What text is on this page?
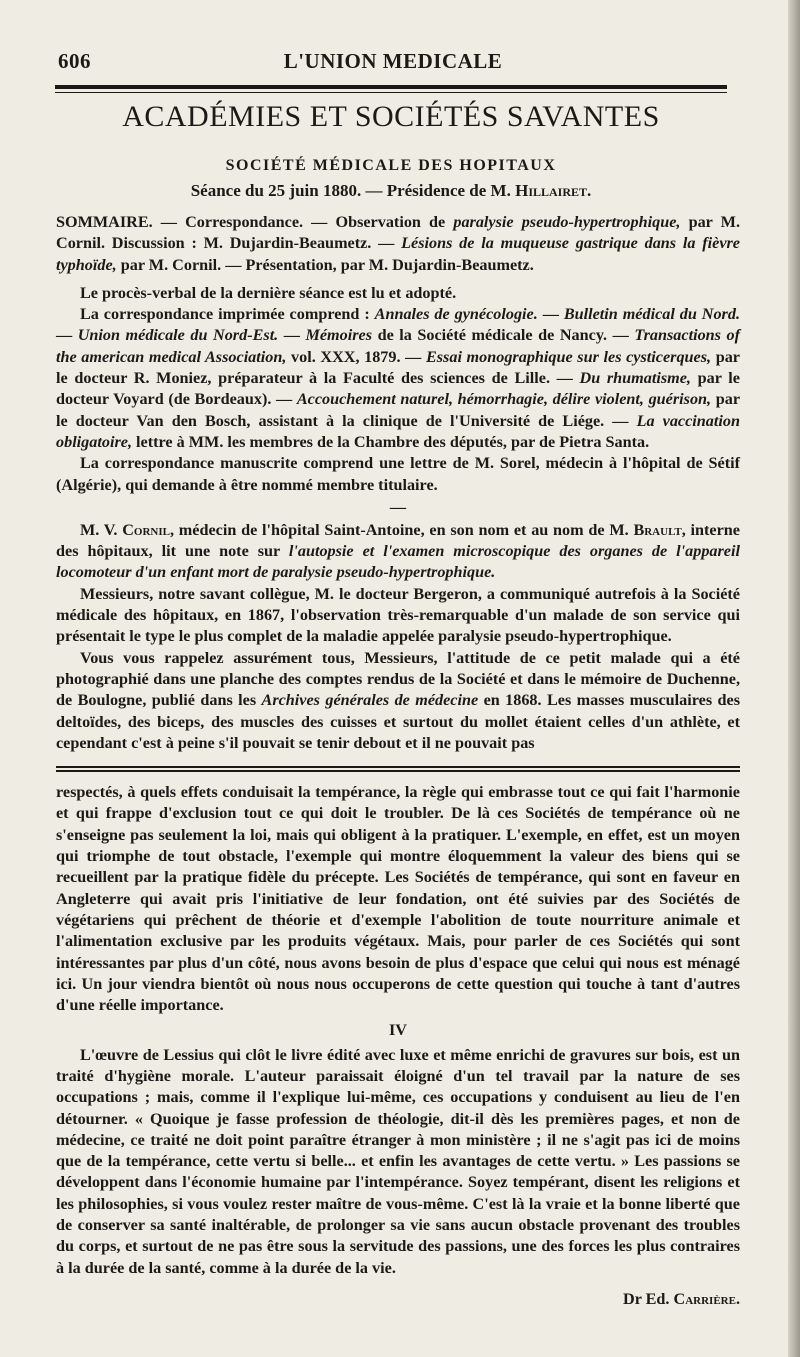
606	L'UNION MEDICALE
ACADÉMIES ET SOCIÉTÉS SAVANTES
SOCIÉTÉ MÉDICALE DES HOPITAUX
Séance du 25 juin 1880. — Présidence de M. Hillairet.

SOMMAIRE. — Correspondance. — Observation de paralysie pseudo-hypertrophique, par M. Cornil. Discussion : M. Dujardin-Beaumetz. — Lésions de la muqueuse gastrique dans la fièvre typhoïde, par M. Cornil. — Présentation, par M. Dujardin-Beaumetz.

Le procès-verbal de la dernière séance est lu et adopté.

La correspondance imprimée comprend : Annales de gynécologie. — Bulletin médical du Nord. — Union médicale du Nord-Est. — Mémoires de la Société médicale de Nancy. — Transactions of the american medical Association, vol. XXX, 1879. — Essai monographique sur les cysticerques, par le docteur R. Moniez, préparateur à la Faculté des sciences de Lille. — Du rhumatisme, par le docteur Voyard (de Bordeaux). — Accouchement naturel, hémorrhagie, délire violent, guérison, par le docteur Van den Bosch, assistant à la clinique de l'Université de Liége. — La vaccination obligatoire, lettre à MM. les membres de la Chambre des députés, par de Pietra Santa.

La correspondance manuscrite comprend une lettre de M. Sorel, médecin à l'hôpital de Sétif (Algérie), qui demande à être nommé membre titulaire.

—

M. V. Cornil, médecin de l'hôpital Saint-Antoine, en son nom et au nom de M. Brault, interne des hôpitaux, lit une note sur l'autopsie et l'examen microscopique des organes de l'appareil locomoteur d'un enfant mort de paralysie pseudo-hypertrophique.

Messieurs, notre savant collègue, M. le docteur Bergeron, a communiqué autrefois à la Société médicale des hôpitaux, en 1867, l'observation très-remarquable d'un malade de son service qui présentait le type le plus complet de la maladie appelée paralysie pseudo-hypertrophique.

Vous vous rappelez assurément tous, Messieurs, l'attitude de ce petit malade qui a été photographié dans une planche des comptes rendus de la Société et dans le mémoire de Duchenne, de Boulogne, publié dans les Archives générales de médecine en 1868. Les masses musculaires des deltoïdes, des biceps, des muscles des cuisses et surtout du mollet étaient celles d'un athlète, et cependant c'est à peine s'il pouvait se tenir debout et il ne pouvait pas

respectés, à quels effets conduisait la tempérance, la règle qui embrasse tout ce qui fait l'harmonie et qui frappe d'exclusion tout ce qui doit le troubler. De là ces Sociétés de tempérance où ne s'enseigne pas seulement la loi, mais qui obligent à la pratiquer. L'exemple, en effet, est un moyen qui triomphe de tout obstacle, l'exemple qui montre éloquemment la valeur des biens qui se recueillent par la pratique fidèle du précepte. Les Sociétés de tempérance, qui sont en faveur en Angleterre qui avait pris l'initiative de leur fondation, ont été suivies par des Sociétés de végétariens qui prêchent de théorie et d'exemple l'abolition de toute nourriture animale et l'alimentation exclusive par les produits végétaux. Mais, pour parler de ces Sociétés qui sont intéressantes par plus d'un côté, nous avons besoin de plus d'espace que celui qui nous est ménagé ici. Un jour viendra bientôt où nous nous occuperons de cette question qui touche à tant d'autres d'une réelle importance.

IV

L'œuvre de Lessius qui clôt le livre édité avec luxe et même enrichi de gravures sur bois, est un traité d'hygiène morale. L'auteur paraissait éloigné d'un tel travail par la nature de ses occupations ; mais, comme il l'explique lui-même, ces occupations y conduisent au lieu de l'en détourner. « Quoique je fasse profession de théologie, dit-il dès les premières pages, et non de médecine, ce traité ne doit point paraître étranger à mon ministère ; il ne s'agit pas ici de moins que de la tempérance, cette vertu si belle... et enfin les avantages de cette vertu. » Les passions se développent dans l'économie humaine par l'intempérance. Soyez tempérant, disent les religions et les philosophies, si vous voulez rester maître de vous-même. C'est là la vraie et la bonne liberté que de conserver sa santé inaltérable, de prolonger sa vie sans aucun obstacle provenant des troubles du corps, et surtout de ne pas être sous la servitude des passions, une des forces les plus contraires à la durée de la santé, comme à la durée de la vie.

Dr Ed. Carrière.
